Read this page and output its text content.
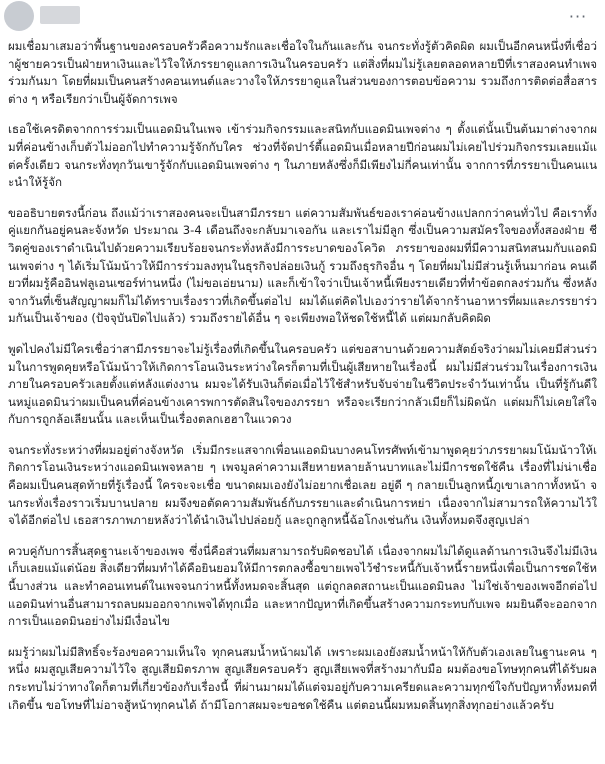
···

ผมเชื่อมาเสมอว่าพื้นฐานของครอบครัวคือความรักและเชื่อใจในกันและกัน จนกระทั่งรู้ตัวคิดผิด ผมเป็นอีกคนหนึ่งที่เชื่อว่าผู้ชายควรเป็นฝ่ายหาเงินและไว้ใจให้ภรรยาดูแลการเงินในครอบครัว แต่สิ่งที่ผมไม่รู้เลยตลอดหลายปีที่เราสองคนทำเพจร่วมกันมา โดยที่ผมเป็นคนสร้างคอนเทนต์และวางใจให้ภรรยาดูแลในส่วนของการตอบข้อความ รวมถึงการติดต่อสื่อสารต่าง ๆ หรือเรียกว่าเป็นผู้จัดการเพจ

เธอใช้เครดิตจากการร่วมเป็นแอดมินในเพจ เข้าร่วมกิจกรรมและสนิทกับแอดมินเพจต่าง ๆ ตั้งแต่นั้นเป็นต้นมาต่างจากผมที่ค่อนข้างเก็บตัวไม่ออกไปทำความรู้จักกับใคร ช่วงที่จัดปาร์ตี้แอดมินเมื่อหลายปีก่อนผมไม่เคยไปร่วมกิจกรรมเลยแม้แต่ครั้งเดียว จนกระทั่งทุกวันเขารู้จักกับแอดมินเพจต่าง ๆ ในภายหลังซึ่งก็มีเพียงไม่กี่คนเท่านั้น จากการที่ภรรยาเป็นคนแนะนำให้รู้จัก

ขออธิบายตรงนี้ก่อน ถึงแม้ว่าเราสองคนจะเป็นสามีภรรยา แต่ความสัมพันธ์ของเราค่อนข้างแปลกกว่าคนทั่วไป คือเราทั้งคู่แยกกันอยู่คนละจังหวัด ประมาณ 3-4 เดือนถึงจะกลับมาเจอกัน และเราไม่มีลูก ซึ่งเป็นความสมัครใจของทั้งสองฝ่าย ชีวิตคู่ของเราดำเนินไปด้วยความเรียบร้อยจนกระทั่งหลังมีการระบาดของโควิด ภรรยาของผมที่มีความสนิทสนมกับแอดมินเพจต่าง ๆ ได้เริ่มโน้มน้าวให้มีการร่วมลงทุนในธุรกิจปล่อยเงินกู้ รวมถึงธุรกิจอื่น ๆ โดยที่ผมไม่มีส่วนรู้เห็นมาก่อน คนเดียวที่ผมรู้คืออินฟลูเอนเซอร์ท่านหนึ่ง (ไม่ขอเอ่ยนาม) และก็เข้าใจว่าเป็นเจ้าหนี้เพียงรายเดียวที่ทำข้อตกลงร่วมกัน ซึ่งหลังจากวันที่เซ็นสัญญาผมก็ไม่ได้ทราบเรื่องราวที่เกิดขึ้นต่อไป ผมได้แต่คิดไปเองว่ารายได้จากร้านอาหารที่ผมและภรรยาร่วมกันเป็นเจ้าของ (ปัจจุบันปิดไปแล้ว) รวมถึงรายได้อื่น ๆ จะเพียงพอให้ชดใช้หนี้ได้ แต่ผมกลับคิดผิด

พูดไปคงไม่มีใครเชื่อว่าสามีภรรยาจะไม่รู้เรื่องที่เกิดขึ้นในครอบครัว แต่ขอสาบานด้วยความสัตย์จริงว่าผมไม่เคยมีส่วนร่วมในการพูดคุยหรือโน้มน้าวให้เกิดการโอนเงินระหว่างใครก็ตามที่เป็นผู้เสียหายในเรื่องนี้ ผมไม่มีส่วนร่วมในเรื่องการเงินภายในครอบครัวเลยตั้งแต่หลังแต่งงาน ผมจะได้รับเงินก็ต่อเมื่อไว้ใช้สำหรับจับจ่ายในชีวิตประจำวันเท่านั้น เป็นที่รู้กันดีในหมู่แอดมินว่าผมเป็นคนที่ค่อนข้างเคารพการตัดสินใจของภรรยา หรือจะเรียกว่ากลัวเมียก็ไม่ผิดนัก แต่ผมก็ไม่เคยใส่ใจกับการถูกล้อเลียนนั้น และเห็นเป็นเรื่องตลกเฮฮาในแวดวง

จนกระทั่งระหว่างที่ผมอยู่ต่างจังหวัด เริ่มมีกระแสจากเพื่อนแอดมินบางคนโทรศัพท์เข้ามาพูดคุยว่าภรรยาผมโน้มน้าวให้เกิดการโอนเงินระหว่างแอดมินเพจหลาย ๆ เพจมูลค่าความเสียหายหลายล้านบาทและไม่มีการชดใช้คืน เรื่องที่ไม่น่าเชื่อคือผมเป็นคนสุดท้ายที่รู้เรื่องนี้ ใครจะจะเชื่อ ขนาดผมเองยังไม่อยากเชื่อเลย อยู่ดี ๆ กลายเป็นลูกหนี้ภูเขาเลากาทั้งหน้า จนกระทั่งเรื่องราวเริ่มบานปลาย ผมจึงขอตัดความสัมพันธ์กับภรรยาและดำเนินการหย่า เนื่องจากไม่สามารถให้ความไว้ใจได้อีกต่อไป เธอสารภาพภายหลังว่าได้นำเงินไปปล่อยกู้ และถูกลูกหนี้ฉ้อโกงเช่นกัน เงินทั้งหมดจึงสูญเปล่า

ควบคู่กับการสิ้นสุดฐานะเจ้าของเพจ ซึ่งนี่คือส่วนที่ผมสามารถรับผิดชอบได้ เนื่องจากผมไม่ได้ดูแลด้านการเงินจึงไม่มีเงินเก็บเลยแม้แต่น้อย สิ่งเดียวที่ผมทำได้คือยินยอมให้มีการตกลงซื้อขายเพจไว้ชำระหนี้กับเจ้าหนี้รายหนึ่งเพื่อเป็นการชดใช้หนี้บางส่วน และทำคอนเทนต์ในเพจจนกว่าหนี้ทั้งหมดจะสิ้นสุด แต่ถูกลดสถานะเป็นแอดมินลง ไม่ใช่เจ้าของเพจอีกต่อไป แอดมินท่านอื่นสามารถลบผมออกจากเพจได้ทุกเมื่อ และหากปัญหาที่เกิดขึ้นสร้างความกระทบกับเพจ ผมยินดีจะออกจากการเป็นแอดมินอย่างไม่มีเงื่อนไข

ผมรู้ว่าผมไม่มีสิทธิ์จะร้องขอความเห็นใจ ทุกคนสมน้ำหน้าผมได้ เพราะผมเองยังสมน้ำหน้าให้กับตัวเองเลยในฐานะคน ๆ หนึ่ง ผมสูญเสียความไว้ใจ สูญเสียมิตรภาพ สูญเสียครอบครัว สูญเสียเพจที่สร้างมากับมือ ผมต้องขอโทษทุกคนที่ได้รับผลกระทบไม่ว่าทางใดก็ตามที่เกี่ยวข้องกับเรื่องนี้ ที่ผ่านมาผมได้แต่จมอยู่กับความเครียดและความทุกข์ใจกับปัญหาทั้งหมดที่เกิดขึ้น ขอโทษที่ไม่อาจสู้หน้าทุกคนได้ ถ้ามีโอกาสผมจะขอชดใช้คืน แต่ตอนนี้ผมหมดสิ้นทุกสิ่งทุกอย่างแล้วครับ
